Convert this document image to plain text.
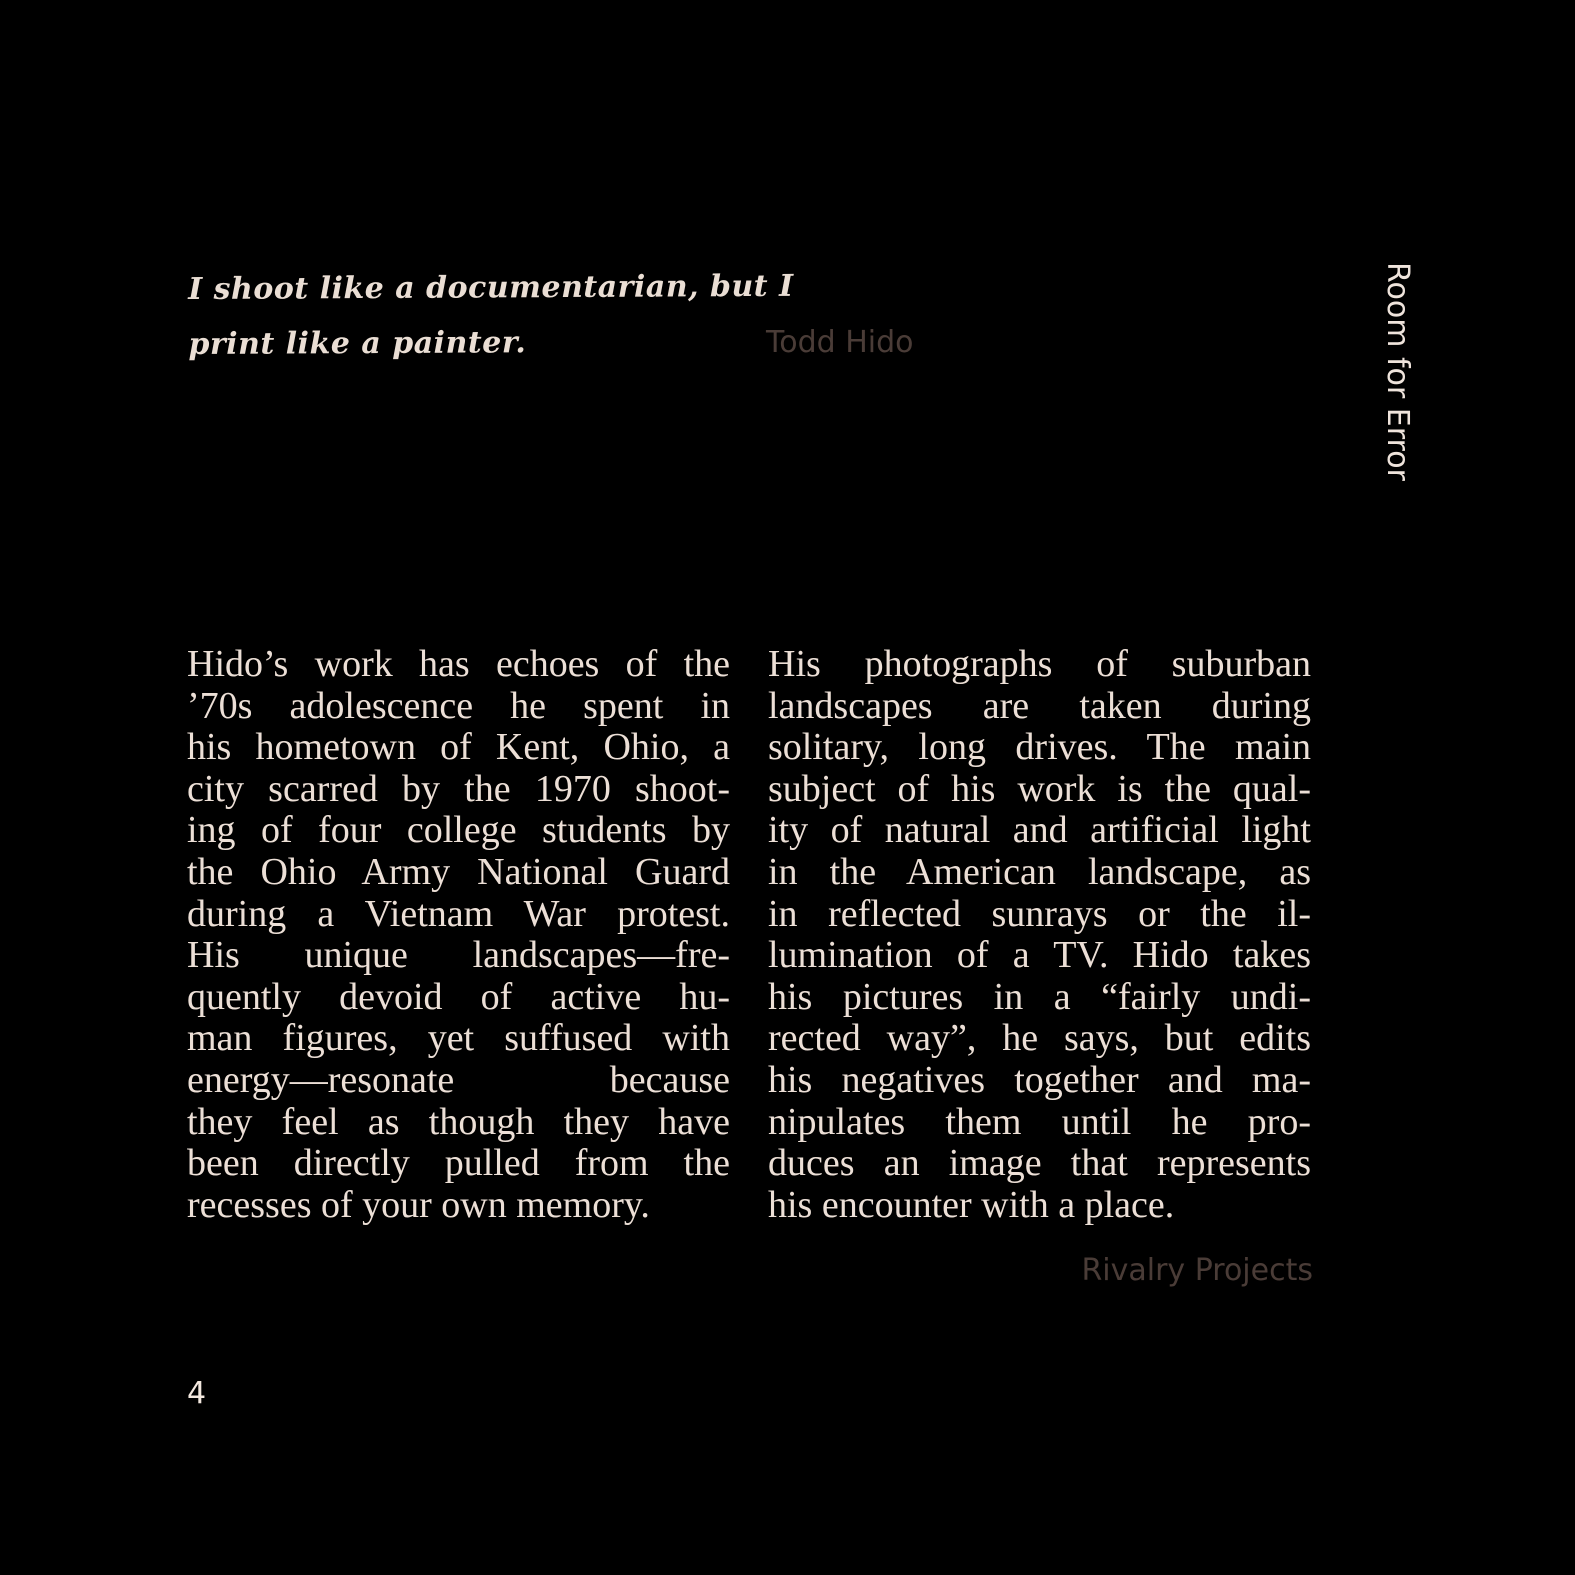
I shoot like a documentarian, but I
print like a painter.	Todd Hido	Room for Error
Hido’s work has echoes of the
’70s adolescence he spent in
his hometown of Kent, Ohio, a
city scarred by the 1970 shoot-
ing of four college students by
the Ohio Army National Guard
during a Vietnam War protest.
His unique landscapes—fre-
quently devoid of active hu-
man figures, yet suffused with
energy—resonate because
they feel as though they have
been directly pulled from the
recesses of your own memory.
His photographs of suburban
landscapes are taken during
solitary, long drives. The main
subject of his work is the qual-
ity of natural and artificial light
in the American landscape, as
in reflected sunrays or the il-
lumination of a TV. Hido takes
his pictures in a “fairly undi-
rected way”, he says, but edits
his negatives together and ma-
nipulates them until he pro-
duces an image that represents
his encounter with a place.
Rivalry Projects
4
